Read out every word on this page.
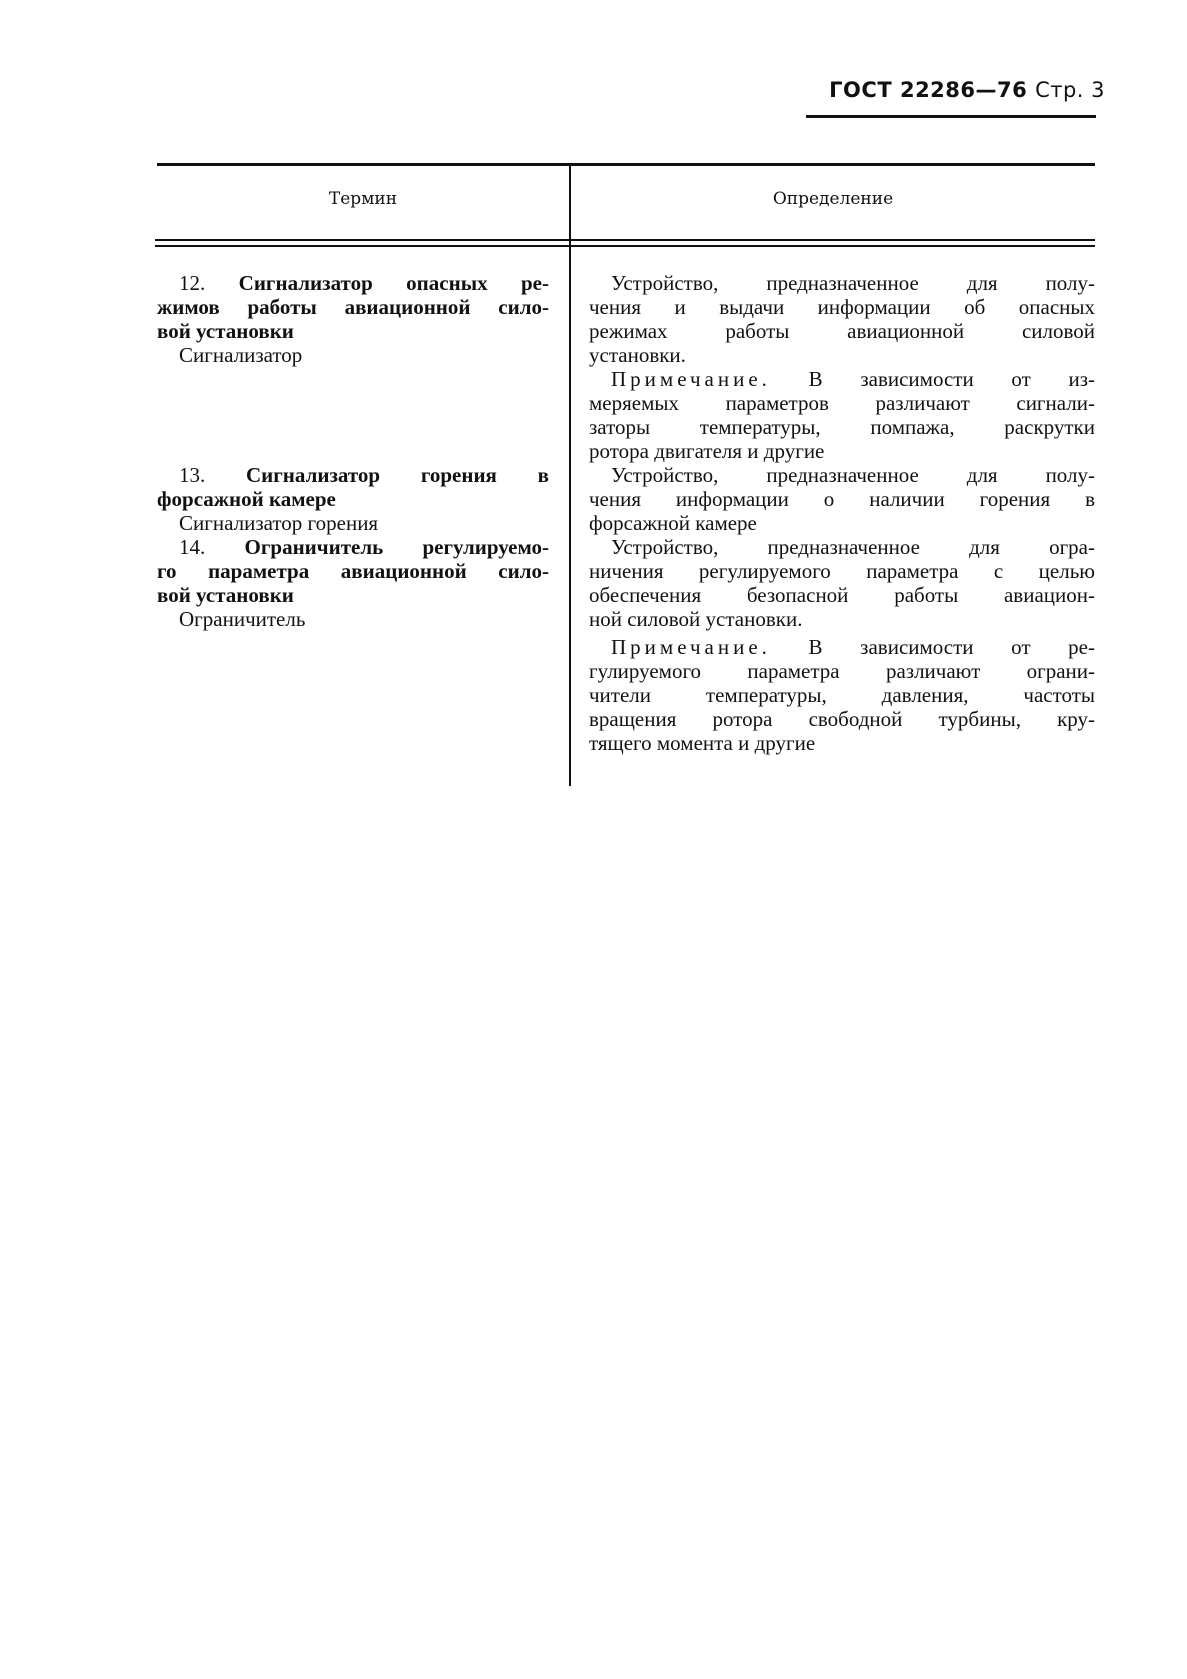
ГОСТ 22286—76 Стр. 3
Термин	Определение
12. Сигнализатор опасных ре-
жимов работы авиационной сило-
вой установки
Сигнализатор
Устройство, предназначенное для полу-
чения и выдачи информации об опасных
режимах работы авиационной силовой
установки.
Примечание. В зависимости от из-
меряемых параметров различают сигнали-
заторы температуры, помпажа, раскрутки
ротора двигателя и другие
13. Сигнализатор горения в
форсажной камере
Сигнализатор горения
Устройство, предназначенное для полу-
чения информации о наличии горения в
форсажной камере
14. Ограничитель регулируемо-
го параметра авиационной сило-
вой установки
Ограничитель
Устройство, предназначенное для огра-
ничения регулируемого параметра с целью
обеспечения безопасной работы авиацион-
ной силовой установки.
Примечание. В зависимости от ре-
гулируемого параметра различают ограни-
чители температуры, давления, частоты
вращения ротора свободной турбины, кру-
тящего момента и другие
